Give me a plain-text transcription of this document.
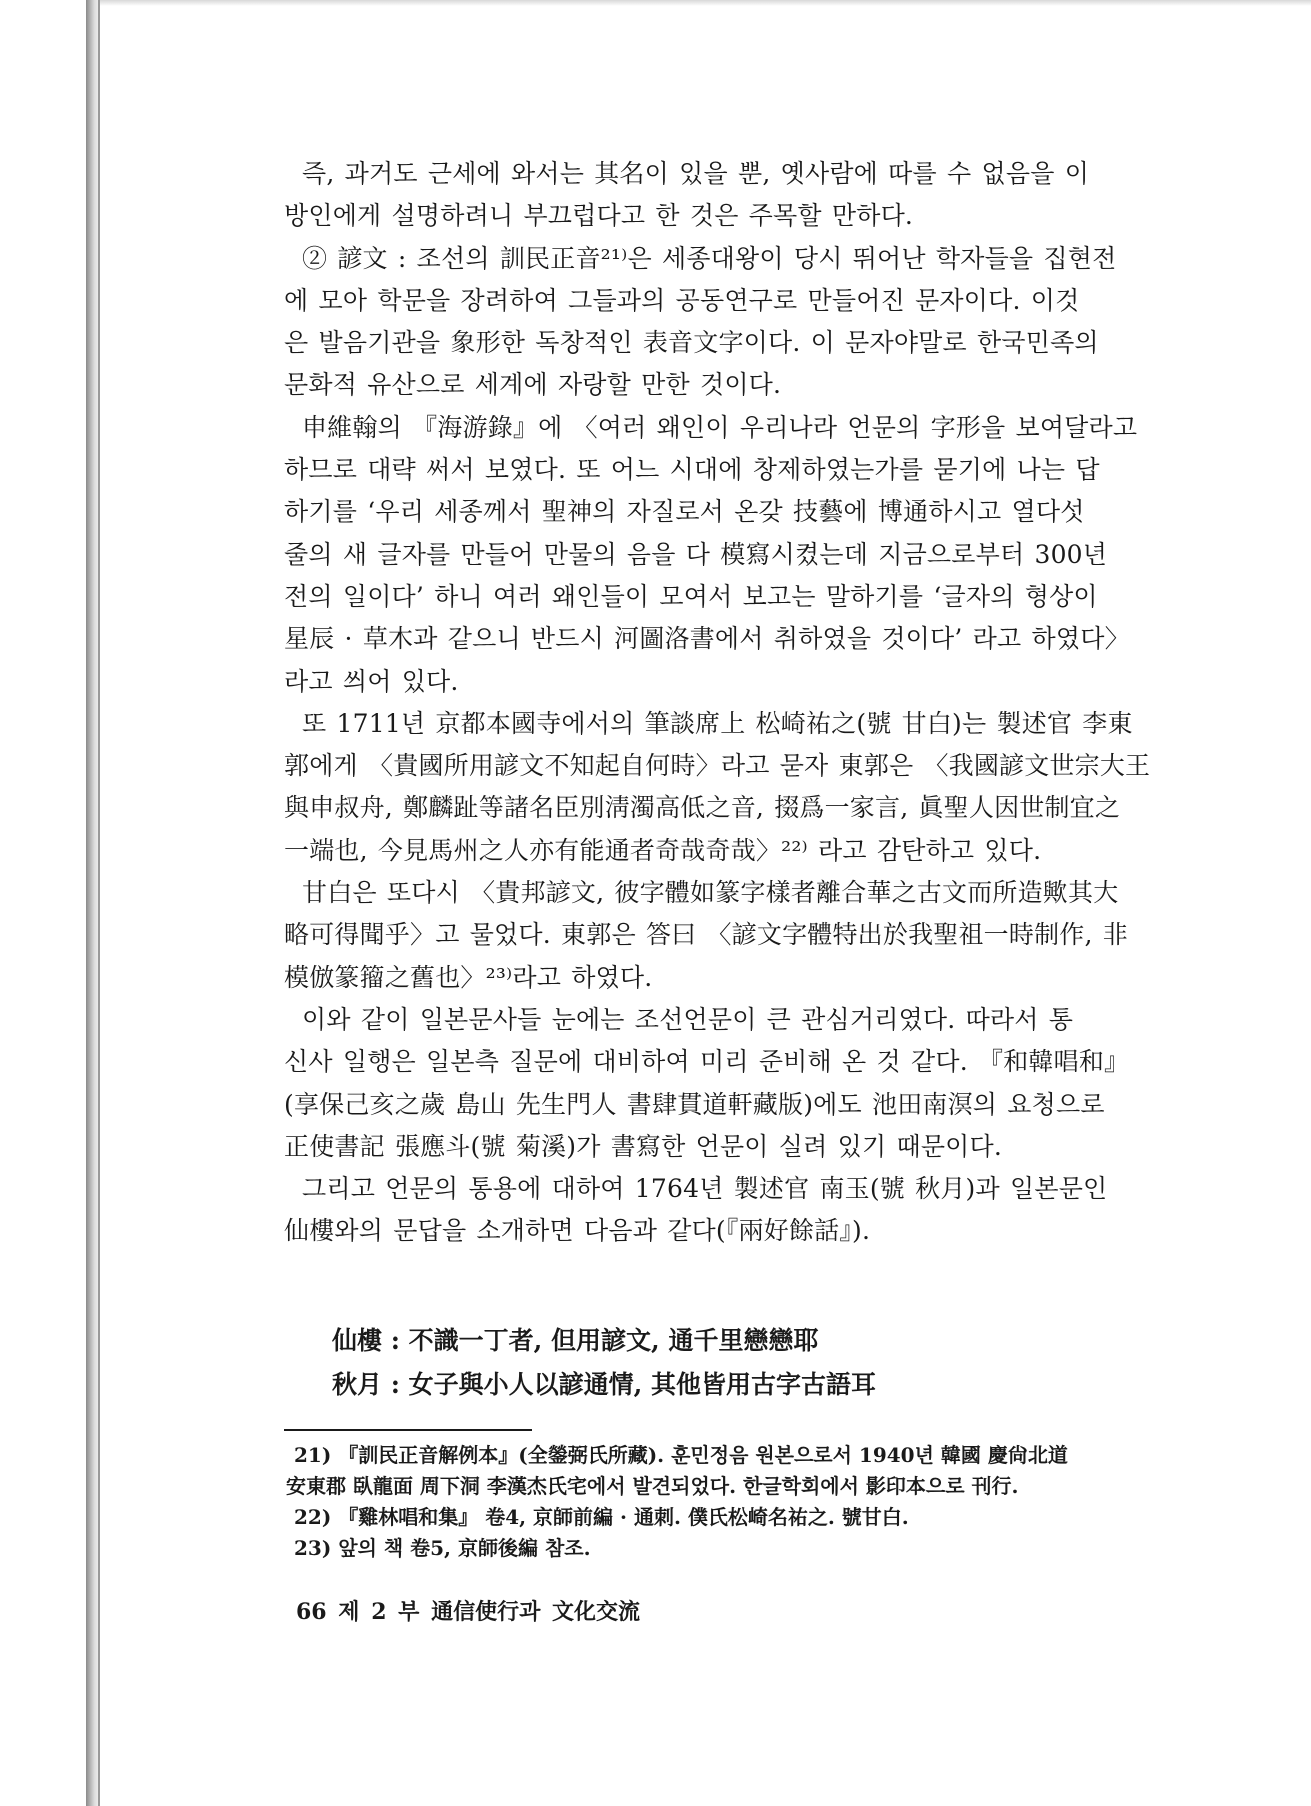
즉, 과거도 근세에 와서는 其名이 있을 뿐, 옛사람에 따를 수 없음을 이
방인에게 설명하려니 부끄럽다고 한 것은 주목할 만하다.
② 諺文 : 조선의 訓民正音²¹⁾은 세종대왕이 당시 뛰어난 학자들을 집현전
에 모아 학문을 장려하여 그들과의 공동연구로 만들어진 문자이다. 이것
은 발음기관을 象形한 독창적인 表音文字이다. 이 문자야말로 한국민족의
문화적 유산으로 세계에 자랑할 만한 것이다.
申維翰의 『海游錄』에 〈여러 왜인이 우리나라 언문의 字形을 보여달라고
하므로 대략 써서 보였다. 또 어느 시대에 창제하였는가를 묻기에 나는 답
하기를 ‘우리 세종께서 聖神의 자질로서 온갖 技藝에 博通하시고 열다섯
줄의 새 글자를 만들어 만물의 음을 다 模寫시켰는데 지금으로부터 300년
전의 일이다’ 하니 여러 왜인들이 모여서 보고는 말하기를 ‘글자의 형상이
星辰 · 草木과 같으니 반드시 河圖洛書에서 취하였을 것이다’ 라고 하였다〉
라고 씌어 있다.
또 1711년 京都本國寺에서의 筆談席上 松崎祐之(號 甘白)는 製述官 李東
郭에게 〈貴國所用諺文不知起自何時〉라고 묻자 東郭은 〈我國諺文世宗大王
與申叔舟, 鄭麟趾等諸名臣別淸濁高低之音, 掇爲一家言, 眞聖人因世制宜之
一端也, 今見馬州之人亦有能通者奇哉奇哉〉²²⁾ 라고 감탄하고 있다.
甘白은 또다시 〈貴邦諺文, 彼字體如篆字樣者離合華之古文而所造歟其大
略可得聞乎〉고 물었다. 東郭은 答曰 〈諺文字體特出於我聖祖一時制作, 非
模倣篆籀之舊也〉²³⁾라고 하였다.
이와 같이 일본문사들 눈에는 조선언문이 큰 관심거리였다. 따라서 통
신사 일행은 일본측 질문에 대비하여 미리 준비해 온 것 같다. 『和韓唱和』
(享保己亥之歲 島山 先生門人 書肆貫道軒藏版)에도 池田南溟의 요청으로
正使書記 張應斗(號 菊溪)가 書寫한 언문이 실려 있기 때문이다.
그리고 언문의 통용에 대하여 1764년 製述官 南玉(號 秋月)과 일본문인
仙樓와의 문답을 소개하면 다음과 같다(『兩好餘話』).
仙樓 : 不識一丁者, 但用諺文, 通千里戀戀耶
秋月 : 女子與小人以諺通情, 其他皆用古字古語耳
21) 『訓民正音解例本』(全鎣弼氏所藏). 훈민정음 원본으로서 1940년 韓國 慶尙北道
安東郡 臥龍面 周下洞 李漢杰氏宅에서 발견되었다. 한글학회에서 影印本으로 刊行.
22) 『雞林唱和集』 卷4, 京師前編 · 通刺. 僕氏松崎名祐之. 號甘白.
23) 앞의 책 卷5, 京師後編 참조.
66 제 2 부 通信使行과 文化交流
